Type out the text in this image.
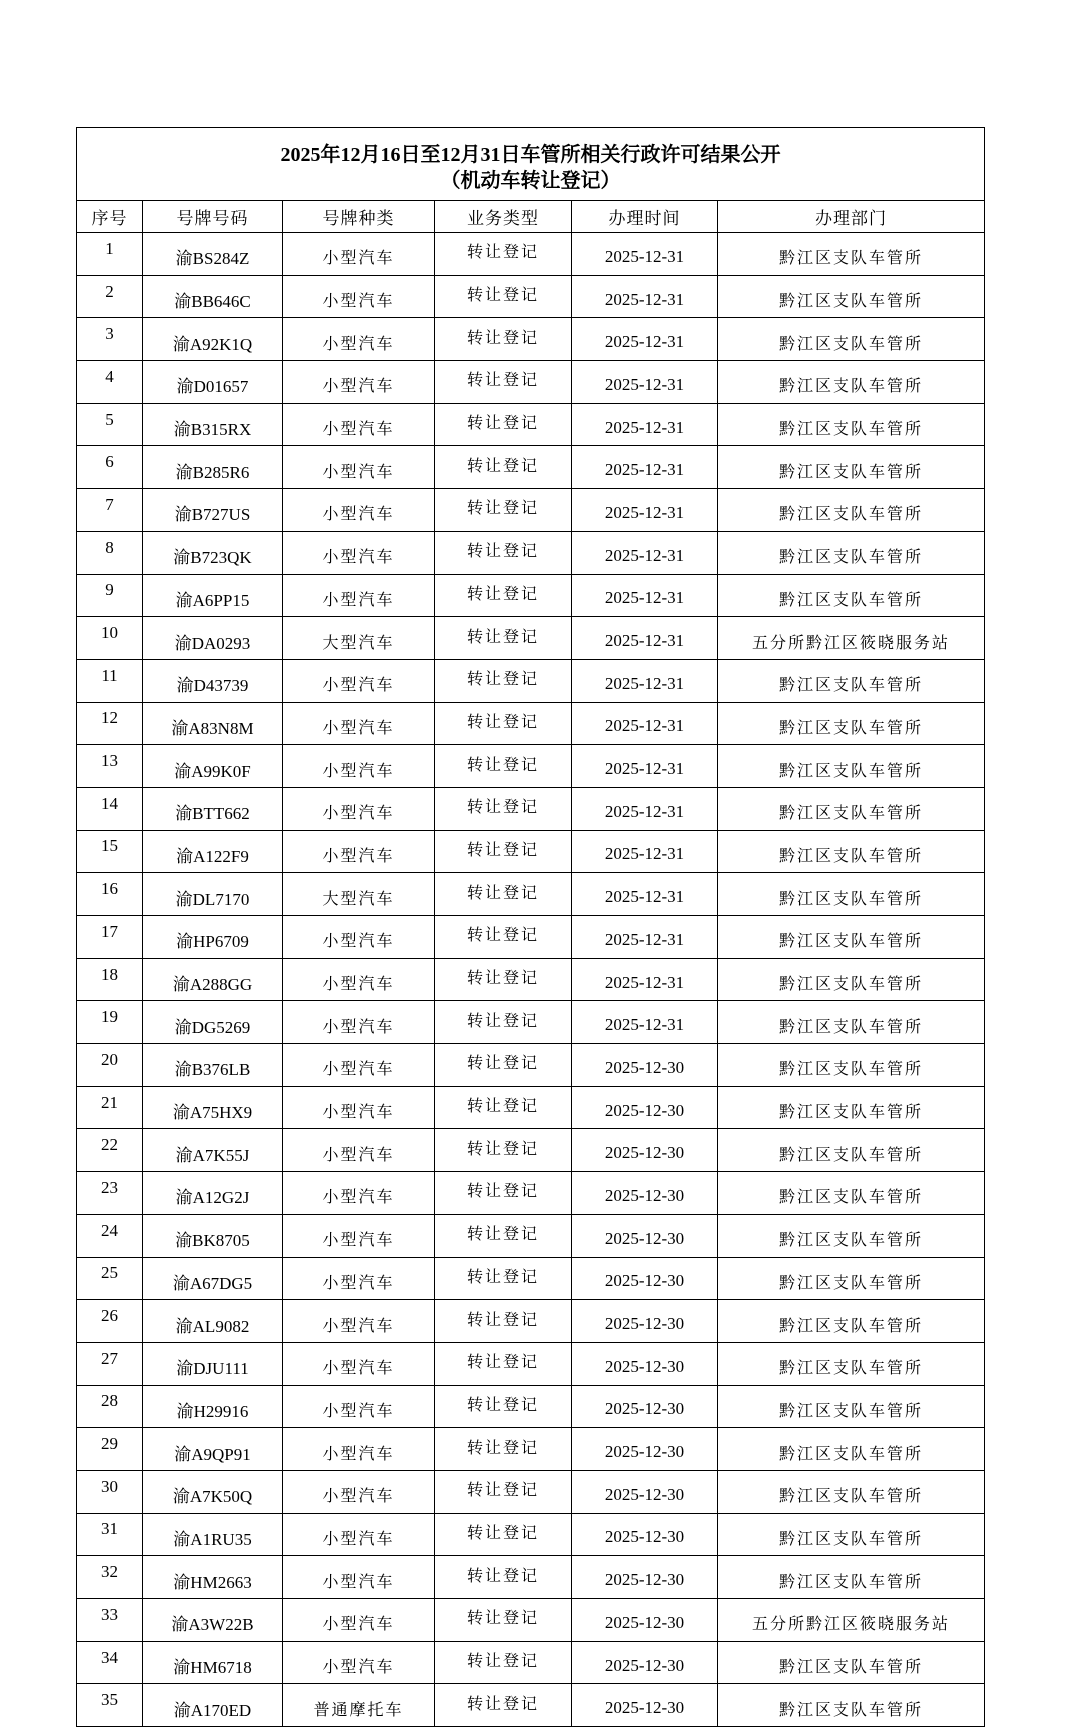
2025年12月16日至12月31日车管所相关行政许可结果公开
（机动车转让登记）					

序号	号牌号码	号牌种类	业务类型	办理时间	办理部门
1	渝BS284Z	小型汽车	转让登记	2025-12-31	黔江区支队车管所
2	渝BB646C	小型汽车	转让登记	2025-12-31	黔江区支队车管所
3	渝A92K1Q	小型汽车	转让登记	2025-12-31	黔江区支队车管所
4	渝D01657	小型汽车	转让登记	2025-12-31	黔江区支队车管所
5	渝B315RX	小型汽车	转让登记	2025-12-31	黔江区支队车管所
6	渝B285R6	小型汽车	转让登记	2025-12-31	黔江区支队车管所
7	渝B727US	小型汽车	转让登记	2025-12-31	黔江区支队车管所
8	渝B723QK	小型汽车	转让登记	2025-12-31	黔江区支队车管所
9	渝A6PP15	小型汽车	转让登记	2025-12-31	黔江区支队车管所
10	渝DA0293	大型汽车	转让登记	2025-12-31	五分所黔江区筱晓服务站
11	渝D43739	小型汽车	转让登记	2025-12-31	黔江区支队车管所
12	渝A83N8M	小型汽车	转让登记	2025-12-31	黔江区支队车管所
13	渝A99K0F	小型汽车	转让登记	2025-12-31	黔江区支队车管所
14	渝BTT662	小型汽车	转让登记	2025-12-31	黔江区支队车管所
15	渝A122F9	小型汽车	转让登记	2025-12-31	黔江区支队车管所
16	渝DL7170	大型汽车	转让登记	2025-12-31	黔江区支队车管所
17	渝HP6709	小型汽车	转让登记	2025-12-31	黔江区支队车管所
18	渝A288GG	小型汽车	转让登记	2025-12-31	黔江区支队车管所
19	渝DG5269	小型汽车	转让登记	2025-12-31	黔江区支队车管所
20	渝B376LB	小型汽车	转让登记	2025-12-30	黔江区支队车管所
21	渝A75HX9	小型汽车	转让登记	2025-12-30	黔江区支队车管所
22	渝A7K55J	小型汽车	转让登记	2025-12-30	黔江区支队车管所
23	渝A12G2J	小型汽车	转让登记	2025-12-30	黔江区支队车管所
24	渝BK8705	小型汽车	转让登记	2025-12-30	黔江区支队车管所
25	渝A67DG5	小型汽车	转让登记	2025-12-30	黔江区支队车管所
26	渝AL9082	小型汽车	转让登记	2025-12-30	黔江区支队车管所
27	渝DJU111	小型汽车	转让登记	2025-12-30	黔江区支队车管所
28	渝H29916	小型汽车	转让登记	2025-12-30	黔江区支队车管所
29	渝A9QP91	小型汽车	转让登记	2025-12-30	黔江区支队车管所
30	渝A7K50Q	小型汽车	转让登记	2025-12-30	黔江区支队车管所
31	渝A1RU35	小型汽车	转让登记	2025-12-30	黔江区支队车管所
32	渝HM2663	小型汽车	转让登记	2025-12-30	黔江区支队车管所
33	渝A3W22B	小型汽车	转让登记	2025-12-30	五分所黔江区筱晓服务站
34	渝HM6718	小型汽车	转让登记	2025-12-30	黔江区支队车管所
35	渝A170ED	普通摩托车	转让登记	2025-12-30	黔江区支队车管所
